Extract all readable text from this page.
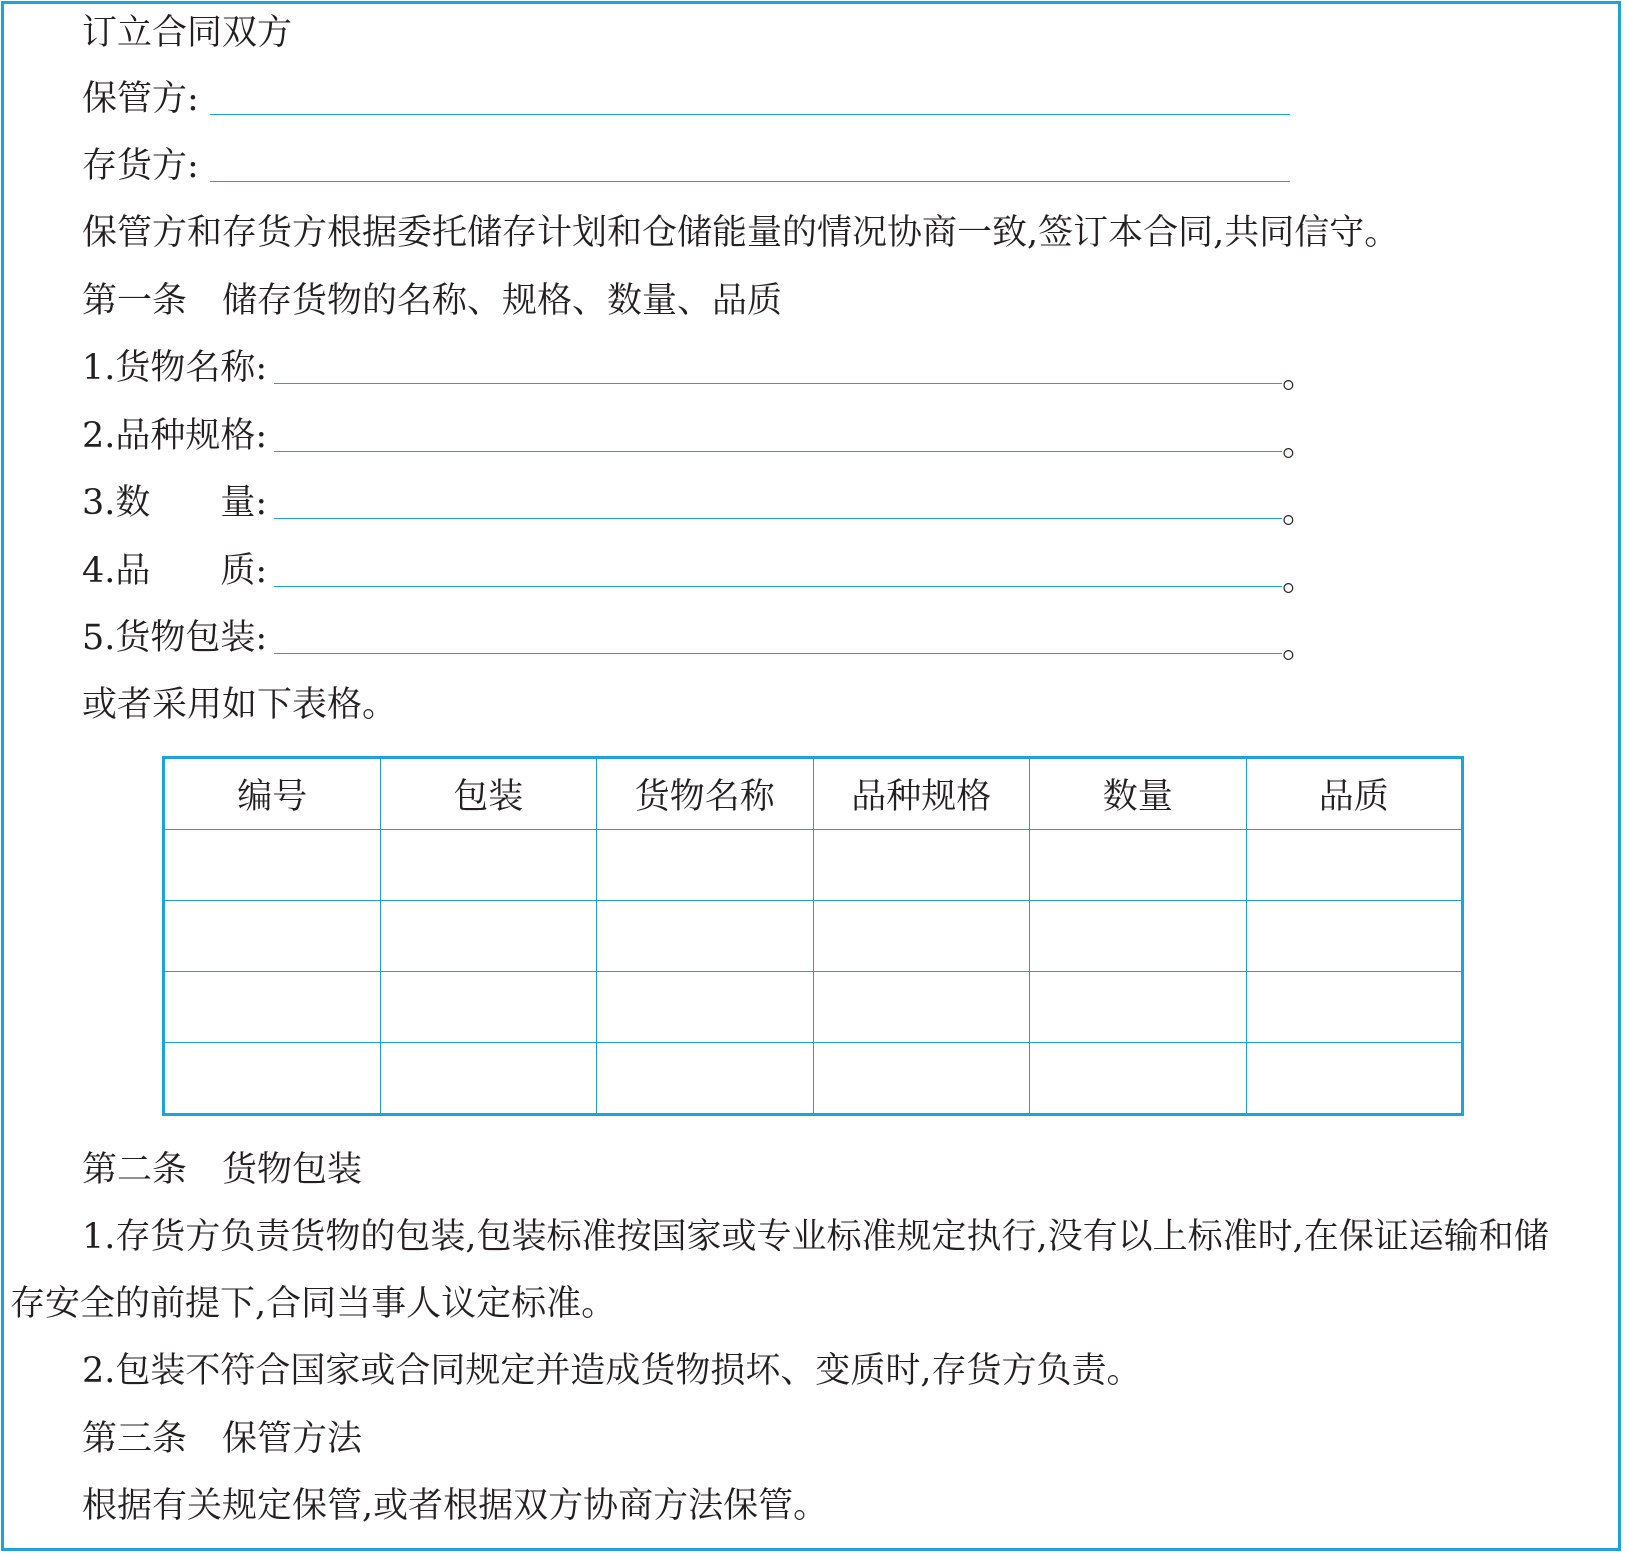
订立合同双方
保管方:
存货方:
保管方和存货方根据委托储存计划和仓储能量的情况协商一致,签订本合同,共同信守。
第一条　储存货物的名称、规格、数量、品质
1.货物名称:	。
2.品种规格:	。
3.数 量:	。
4.品 质:	。
5.货物包装:	。
或者采用如下表格。
编号	包装	货物名称	品种规格	数量	品质

第二条　货物包装
1.存货方负责货物的包装,包装标准按国家或专业标准规定执行,没有以上标准时,在保证运输和储
存安全的前提下,合同当事人议定标准。
2.包装不符合国家或合同规定并造成货物损坏、变质时,存货方负责。
第三条　保管方法
根据有关规定保管,或者根据双方协商方法保管。
